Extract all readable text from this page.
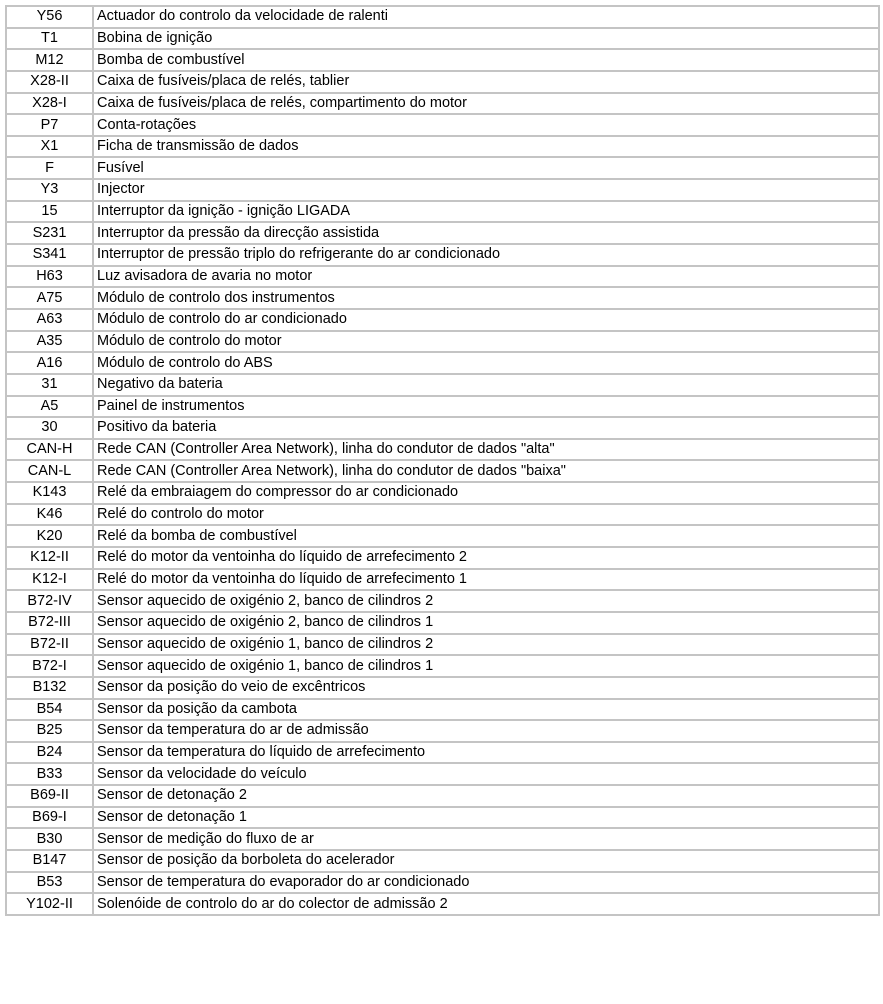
Y56	Actuador do controlo da velocidade de ralenti
T1	Bobina de ignição
M12	Bomba de combustível
X28-II	Caixa de fusíveis/placa de relés, tablier
X28-I	Caixa de fusíveis/placa de relés, compartimento do motor
P7	Conta-rotações
X1	Ficha de transmissão de dados
F	Fusível
Y3	Injector
15	Interruptor da ignição - ignição LIGADA
S231	Interruptor da pressão da direcção assistida
S341	Interruptor de pressão triplo do refrigerante do ar condicionado
H63	Luz avisadora de avaria no motor
A75	Módulo de controlo dos instrumentos
A63	Módulo de controlo do ar condicionado
A35	Módulo de controlo do motor
A16	Módulo de controlo do ABS
31	Negativo da bateria
A5	Painel de instrumentos
30	Positivo da bateria
CAN-H	Rede CAN (Controller Area Network), linha do condutor de dados "alta"
CAN-L	Rede CAN (Controller Area Network), linha do condutor de dados "baixa"
K143	Relé da embraiagem do compressor do ar condicionado
K46	Relé do controlo do motor
K20	Relé da bomba de combustível
K12-II	Relé do motor da ventoinha do líquido de arrefecimento 2
K12-I	Relé do motor da ventoinha do líquido de arrefecimento 1
B72-IV	Sensor aquecido de oxigénio 2, banco de cilindros 2
B72-III	Sensor aquecido de oxigénio 2, banco de cilindros 1
B72-II	Sensor aquecido de oxigénio 1, banco de cilindros 2
B72-I	Sensor aquecido de oxigénio 1, banco de cilindros 1
B132	Sensor da posição do veio de excêntricos
B54	Sensor da posição da cambota
B25	Sensor da temperatura do ar de admissão
B24	Sensor da temperatura do líquido de arrefecimento
B33	Sensor da velocidade do veículo
B69-II	Sensor de detonação 2
B69-I	Sensor de detonação 1
B30	Sensor de medição do fluxo de ar
B147	Sensor de posição da borboleta do acelerador
B53	Sensor de temperatura do evaporador do ar condicionado
Y102-II	Solenóide de controlo do ar do colector de admissão 2
